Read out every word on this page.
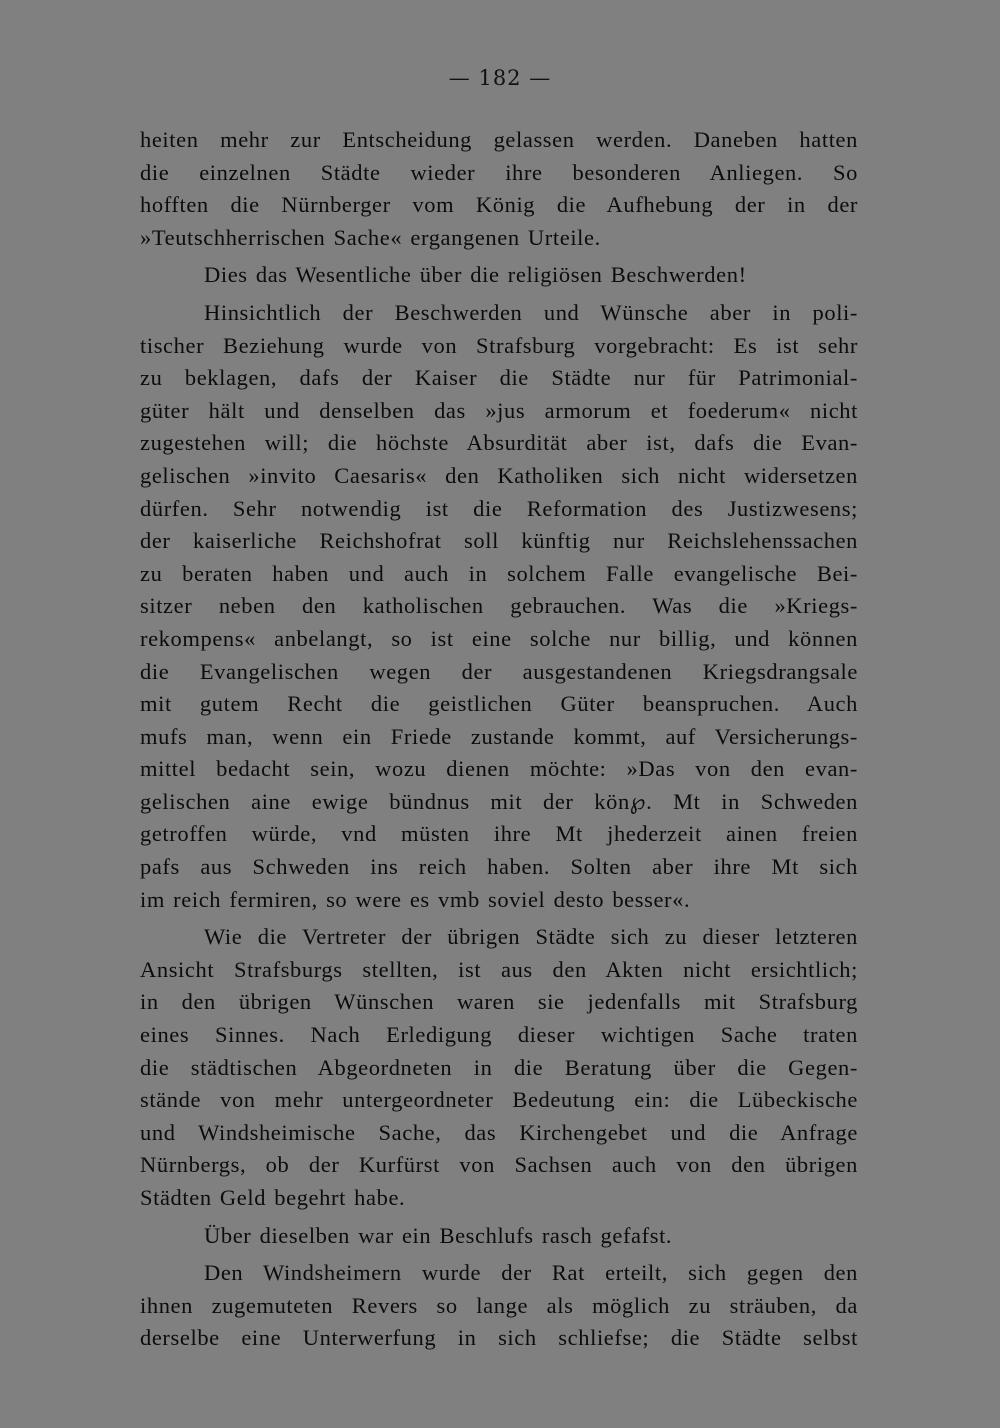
— 182 —
heiten mehr zur Entscheidung gelassen werden. Daneben hatten
die einzelnen Städte wieder ihre besonderen Anliegen. So
hofften die Nürnberger vom König die Aufhebung der in der
»Teutschherrischen Sache« ergangenen Urteile.
Dies das Wesentliche über die religiösen Beschwerden!
Hinsichtlich der Beschwerden und Wünsche aber in poli-
tischer Beziehung wurde von Strafsburg vorgebracht: Es ist sehr
zu beklagen, dafs der Kaiser die Städte nur für Patrimonial-
güter hält und denselben das »jus armorum et foederum« nicht
zugestehen will; die höchste Absurdität aber ist, dafs die Evan-
gelischen »invito Caesaris« den Katholiken sich nicht widersetzen
dürfen. Sehr notwendig ist die Reformation des Justizwesens;
der kaiserliche Reichshofrat soll künftig nur Reichslehenssachen
zu beraten haben und auch in solchem Falle evangelische Bei-
sitzer neben den katholischen gebrauchen. Was die »Kriegs-
rekompens« anbelangt, so ist eine solche nur billig, und können
die Evangelischen wegen der ausgestandenen Kriegsdrangsale
mit gutem Recht die geistlichen Güter beanspruchen. Auch
mufs man, wenn ein Friede zustande kommt, auf Versicherungs-
mittel bedacht sein, wozu dienen möchte: »Das von den evan-
gelischen aine ewige bündnus mit der kön℘. Mt in Schweden
getroffen würde, vnd müsten ihre Mt jhederzeit ainen freien
pafs aus Schweden ins reich haben. Solten aber ihre Mt sich
im reich fermiren, so were es vmb soviel desto besser«.
Wie die Vertreter der übrigen Städte sich zu dieser letzteren
Ansicht Strafsburgs stellten, ist aus den Akten nicht ersichtlich;
in den übrigen Wünschen waren sie jedenfalls mit Strafsburg
eines Sinnes. Nach Erledigung dieser wichtigen Sache traten
die städtischen Abgeordneten in die Beratung über die Gegen-
stände von mehr untergeordneter Bedeutung ein: die Lübeckische
und Windsheimische Sache, das Kirchengebet und die Anfrage
Nürnbergs, ob der Kurfürst von Sachsen auch von den übrigen
Städten Geld begehrt habe.
Über dieselben war ein Beschlufs rasch gefafst.
Den Windsheimern wurde der Rat erteilt, sich gegen den
ihnen zugemuteten Revers so lange als möglich zu sträuben, da
derselbe eine Unterwerfung in sich schliefse; die Städte selbst
